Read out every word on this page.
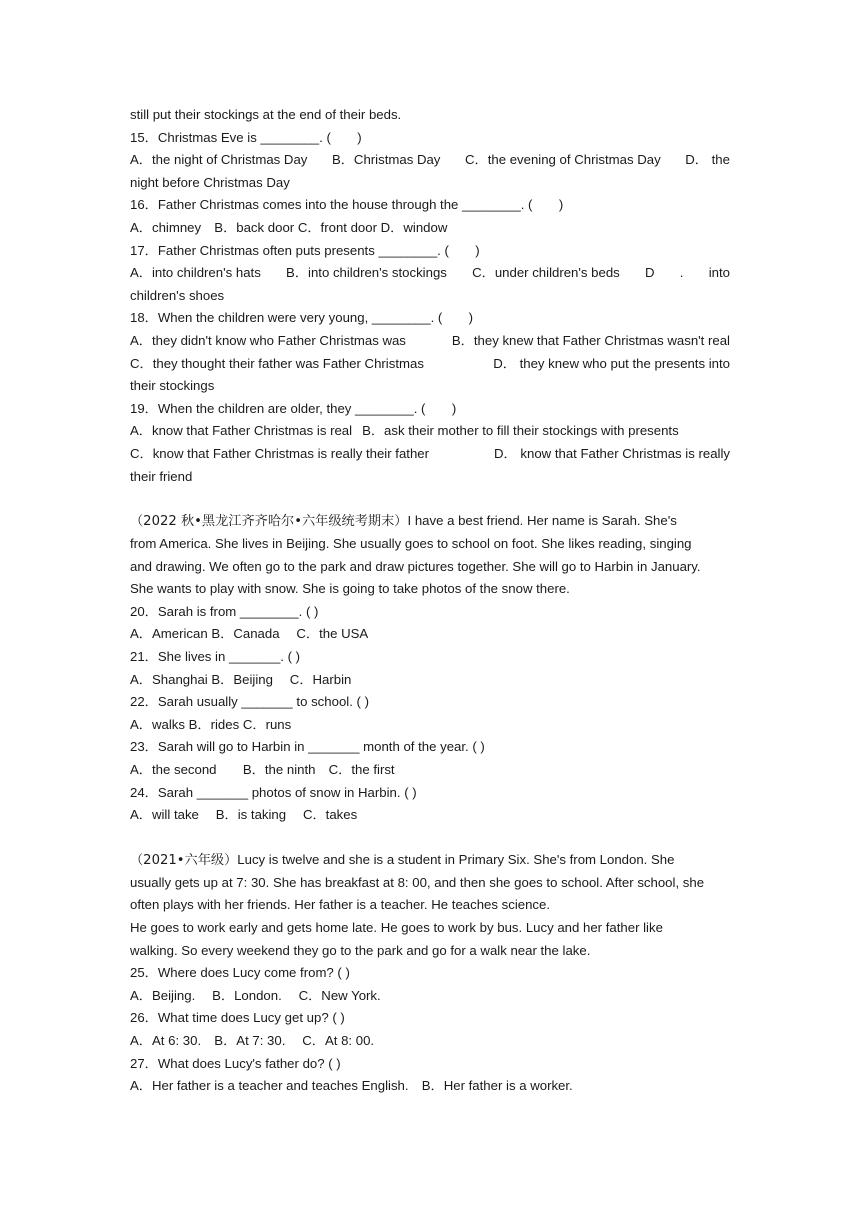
still put their stockings at the end of their beds.
15．Christmas Eve is ________. (　　)
A．the night of Christmas Day B．Christmas Day C．the evening of Christmas Day D． the
night before Christmas Day
16．Father Christmas comes into the house through the ________. (　　)
A．chimney　B．back door C．front door D．window
17．Father Christmas often puts presents ________. (　　)
A．into children's hats B．into children's stockings C．under children's beds D . into
children's shoes
18．When the children were very young, ________. (　　)
A．they didn't know who Father Christmas was	B．they knew that Father Christmas wasn't real
C．they thought their father was Father Christmas	D． they knew who put the presents into
their stockings
19．When the children are older, they ________. (　　)
A．know that Father Christmas is real B．ask their mother to fill their stockings with presents
C．know that Father Christmas is really their father	D． know that Father Christmas is really
their friend
（2022 秋•黑龙江齐齐哈尔•六年级统考期末）I have a best friend. Her name is Sarah. She's
from America. She lives in Beijing. She usually goes to school on foot. She likes reading, singing
and drawing. We often go to the park and draw pictures together. She will go to Harbin in January.
She wants to play with snow. She is going to take photos of the snow there.
20．Sarah is from ________. ( )
A．American B．Canada　 C．the USA
21．She lives in _______. ( )
A．Shanghai B．Beijing　 C．Harbin
22．Sarah usually _______ to school. ( )
A．walks B．rides C．runs
23．Sarah will go to Harbin in _______ month of the year. ( )
A．the second　　B．the ninth　C．the first
24．Sarah _______ photos of snow in Harbin. ( )
A．will take　 B．is taking　 C．takes
（2021•六年级）Lucy is twelve and she is a student in Primary Six. She's from London. She
usually gets up at 7: 30. She has breakfast at 8: 00, and then she goes to school. After school, she
often plays with her friends. Her father is a teacher. He teaches science.
He goes to work early and gets home late. He goes to work by bus. Lucy and her father like
walking. So every weekend they go to the park and go for a walk near the lake.
25．Where does Lucy come from? ( )
A．Beijing.　 B．London.　 C．New York.
26．What time does Lucy get up? ( )
A．At 6: 30.　B．At 7: 30.　 C．At 8: 00.
27．What does Lucy's father do? ( )
A．Her father is a teacher and teaches English.　B．Her father is a worker.
